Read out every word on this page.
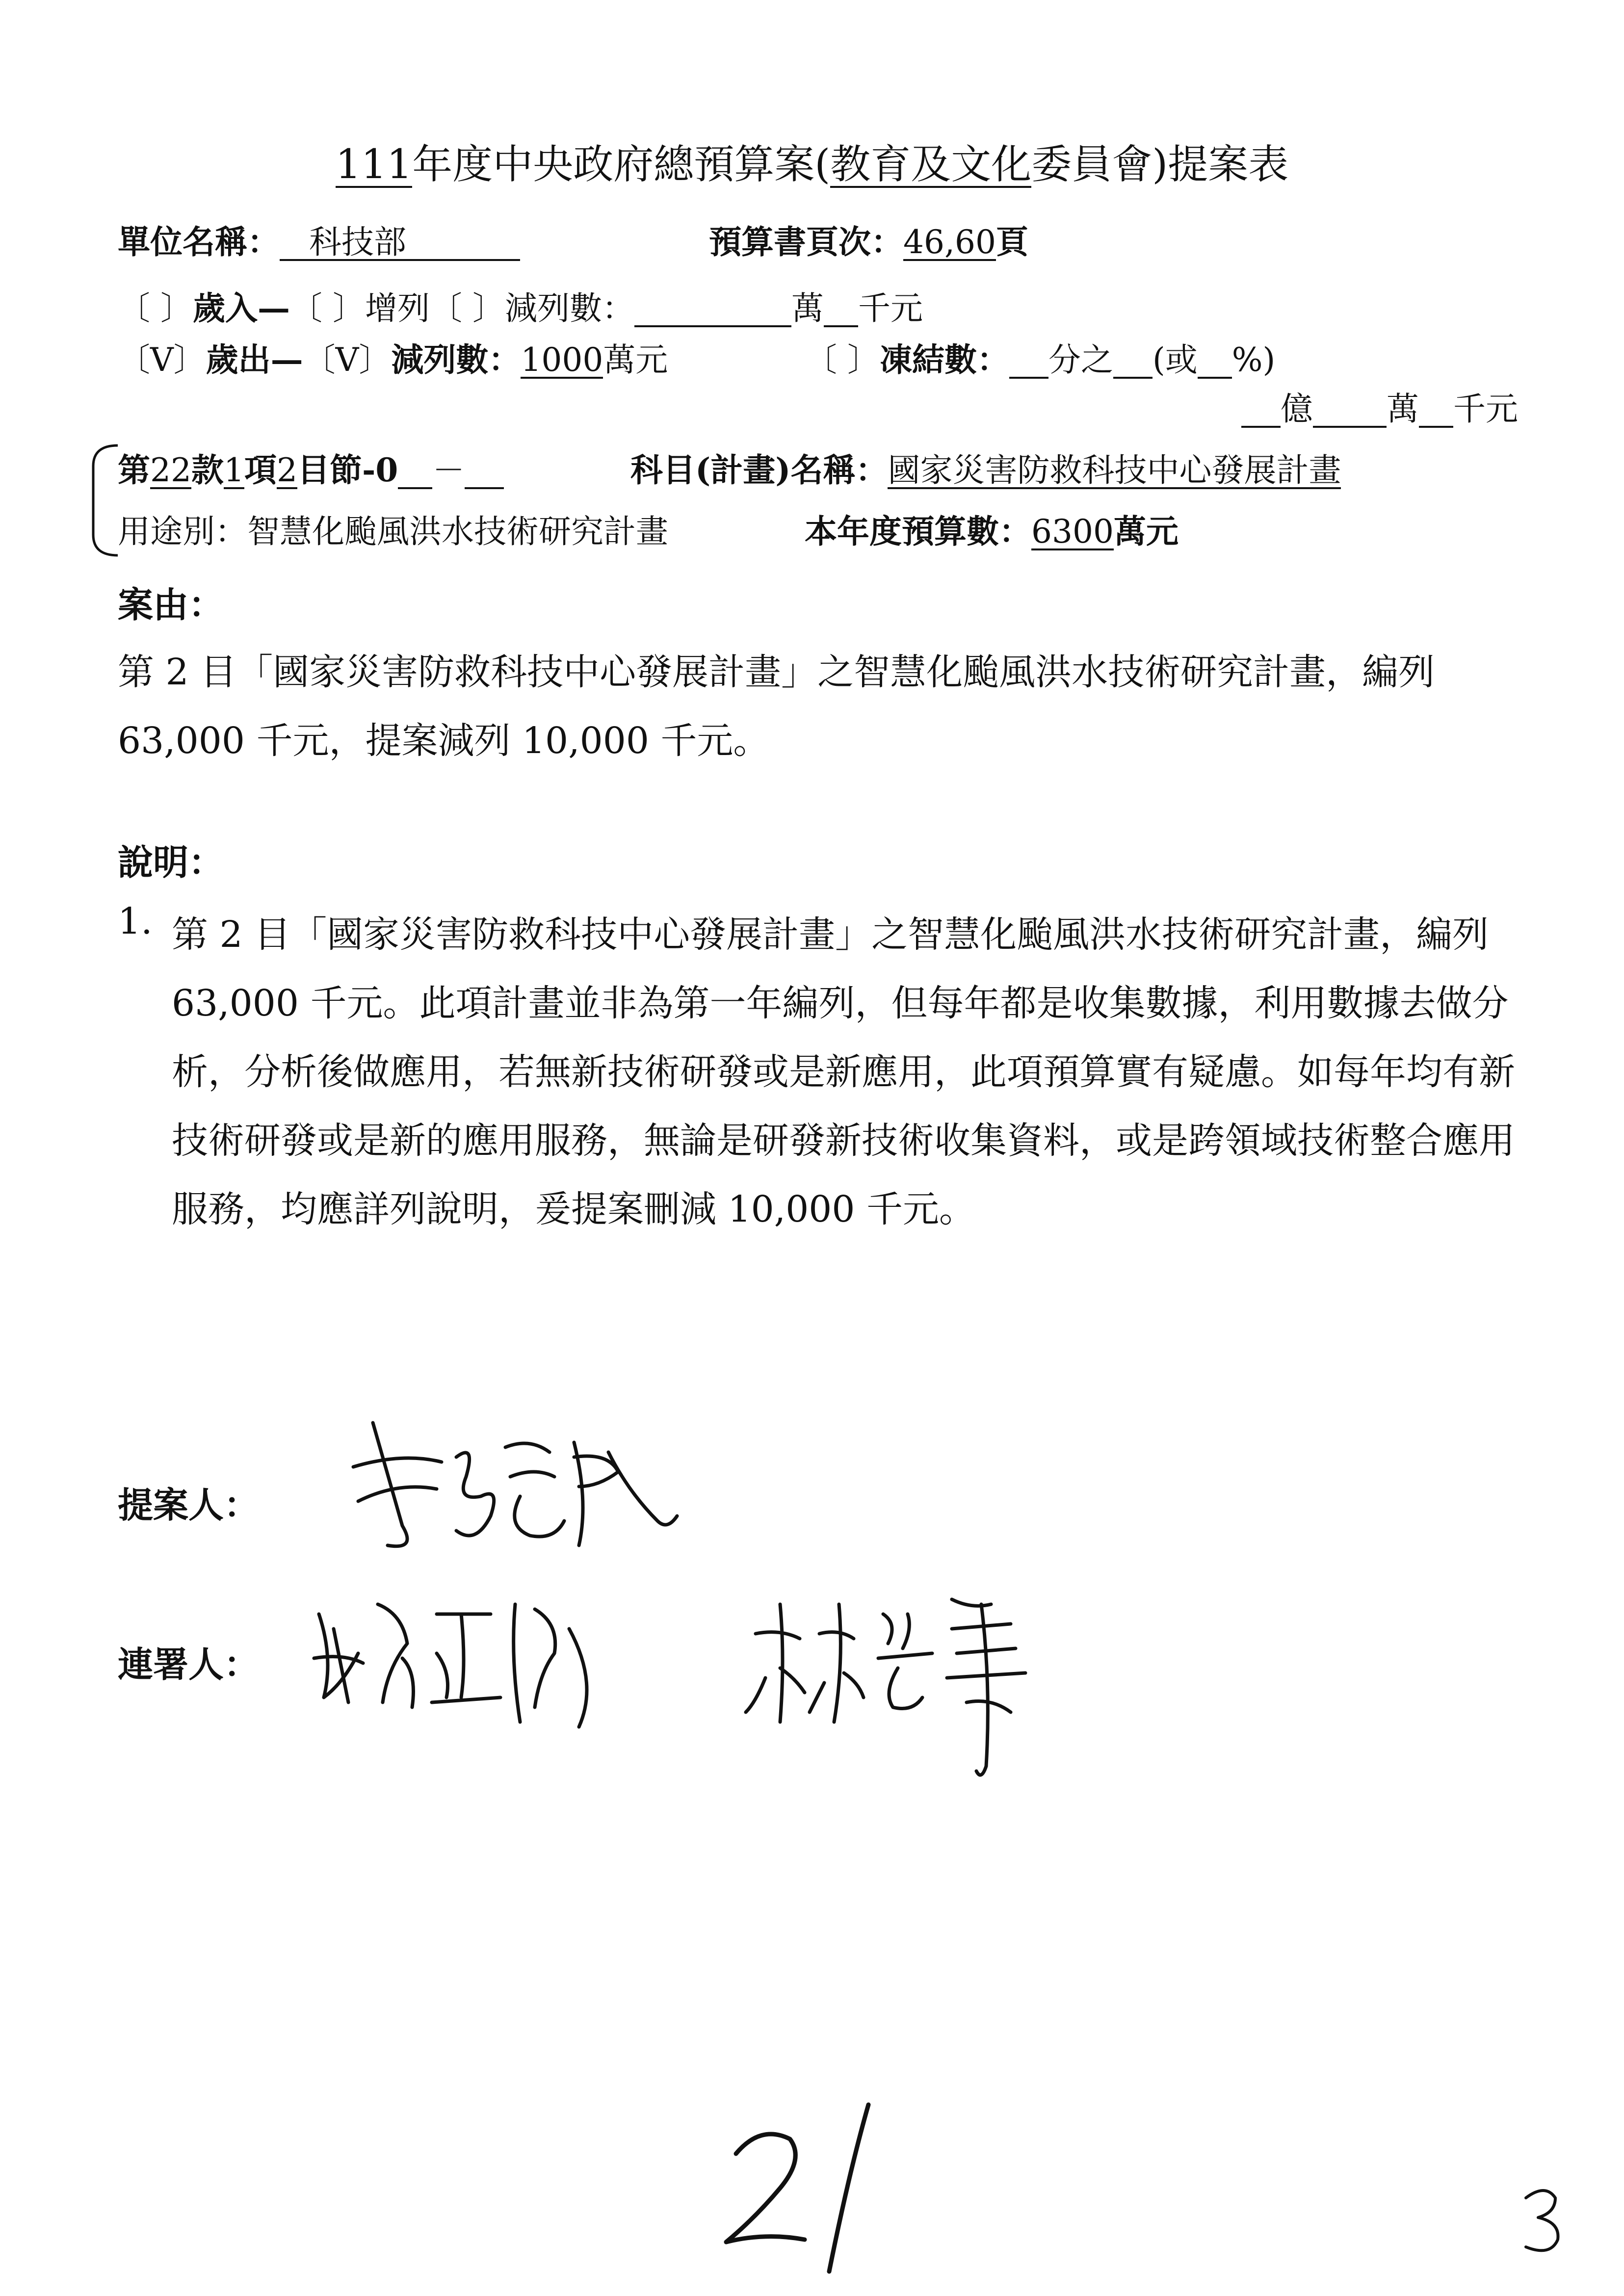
111年度中央政府總預算案(教育及文化委員會)提案表
單位名稱： 科技部	預算書頁次：46,60頁
〔 〕歲入—〔 〕增列〔 〕減列數：	萬 千元
〔V〕歲出—〔V〕減列數：1000萬元	〔 〕凍結數： 分之 (或 %)
億 萬 千元
第22款1項2目節-0 －	科目(計畫)名稱：國家災害防救科技中心發展計畫
用途別：智慧化颱風洪水技術研究計畫	本年度預算數：6300萬元
案由：
第 2 目「國家災害防救科技中心發展計畫」之智慧化颱風洪水技術研究計畫，編列 63,000 千元，提案減列 10,000 千元。
說明：
1. 第 2 目「國家災害防救科技中心發展計畫」之智慧化颱風洪水技術研究計畫，編列 63,000 千元。此項計畫並非為第一年編列，但每年都是收集數據，利用數據去做分析，分析後做應用，若無新技術研發或是新應用，此項預算實有疑慮。如每年均有新技術研發或是新的應用服務，無論是研發新技術收集資料，或是跨領域技術整合應用服務，均應詳列說明，爰提案刪減 10,000 千元。
提案人：
連署人：
